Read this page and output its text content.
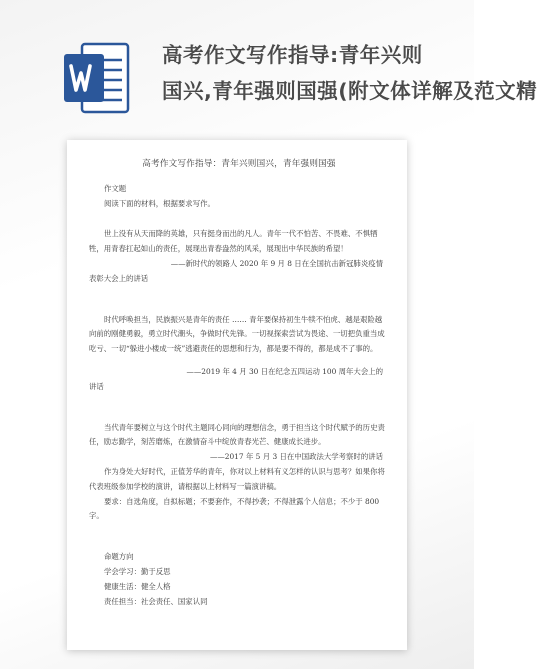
高考作文写作指导:青年兴则
国兴,青年强则国强(附文体详解及范文精

高考作文写作指导：青年兴则国兴，青年强则国强

作文题

阅读下面的材料，根据要求写作。

世上没有从天而降的英雄，只有挺身而出的凡人。青年一代不怕苦、不畏难、不惧牺牲，用青春扛起如山的责任，展现出青春盎然的风采，展现出中华民族的希望！

——新时代的领路人 2020 年 9 月 8 日在全国抗击新冠肺炎疫情

表彰大会上的讲话

时代呼唤担当，民族振兴是青年的责任 …… 青年要保持初生牛犊不怕虎、越是艰险越向前的刚健勇毅，勇立时代潮头，争做时代先锋。一切视探索尝试为畏途、一切把负重当成吃亏、一切“躲进小楼成一统”逃避责任的思想和行为，都是要不得的，都是成不了事的。

——2019 年 4 月 30 日在纪念五四运动 100 周年大会上的

讲话

当代青年要树立与这个时代主题同心同向的理想信念，勇于担当这个时代赋予的历史责任，励志勤学，刻苦磨炼，在激情奋斗中绽放青春光芒、健康成长进步。

——2017 年 5 月 3 日在中国政法大学考察时的讲话

作为身处大好时代，正值芳华的青年，你对以上材料有义怎样的认识与思考？如果你将代表班级参加学校的演讲，请根据以上材料写一篇演讲稿。

要求：自选角度，自拟标题；不要套作，不得抄袭；不得泄露个人信息；不少于 800 字。

命题方向

学会学习：勤于反思

健康生活：健全人格

责任担当：社会责任、国家认同
